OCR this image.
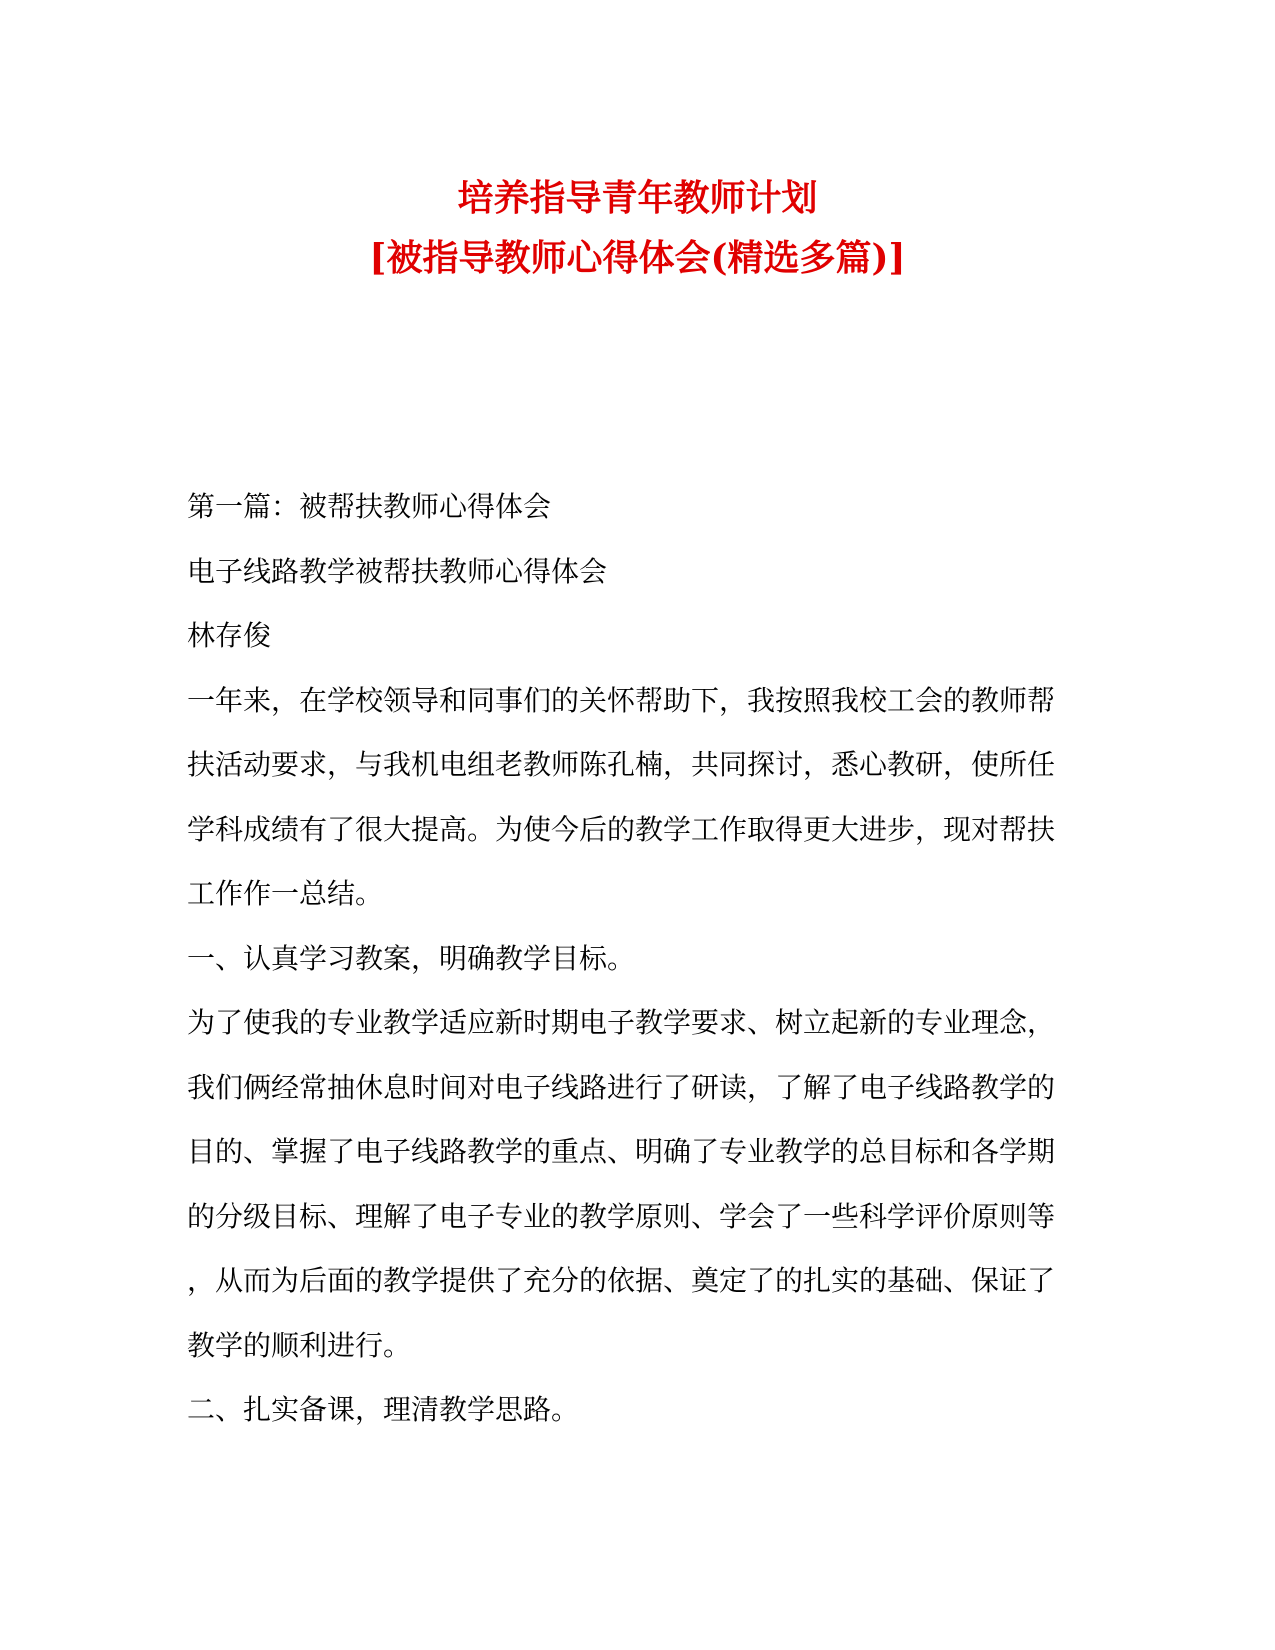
培养指导青年教师计划
[被指导教师心得体会(精选多篇)]
第一篇：被帮扶教师心得体会
电子线路教学被帮扶教师心得体会
林存俊
一年来，在学校领导和同事们的关怀帮助下，我按照我校工会的教师帮
扶活动要求，与我机电组老教师陈孔楠，共同探讨，悉心教研，使所任
学科成绩有了很大提高。为使今后的教学工作取得更大进步，现对帮扶
工作作一总结。
一、认真学习教案，明确教学目标。
为了使我的专业教学适应新时期电子教学要求、树立起新的专业理念，
我们俩经常抽休息时间对电子线路进行了研读，了解了电子线路教学的
目的、掌握了电子线路教学的重点、明确了专业教学的总目标和各学期
的分级目标、理解了电子专业的教学原则、学会了一些科学评价原则等
，从而为后面的教学提供了充分的依据、奠定了的扎实的基础、保证了
教学的顺利进行。
二、扎实备课，理清教学思路。
